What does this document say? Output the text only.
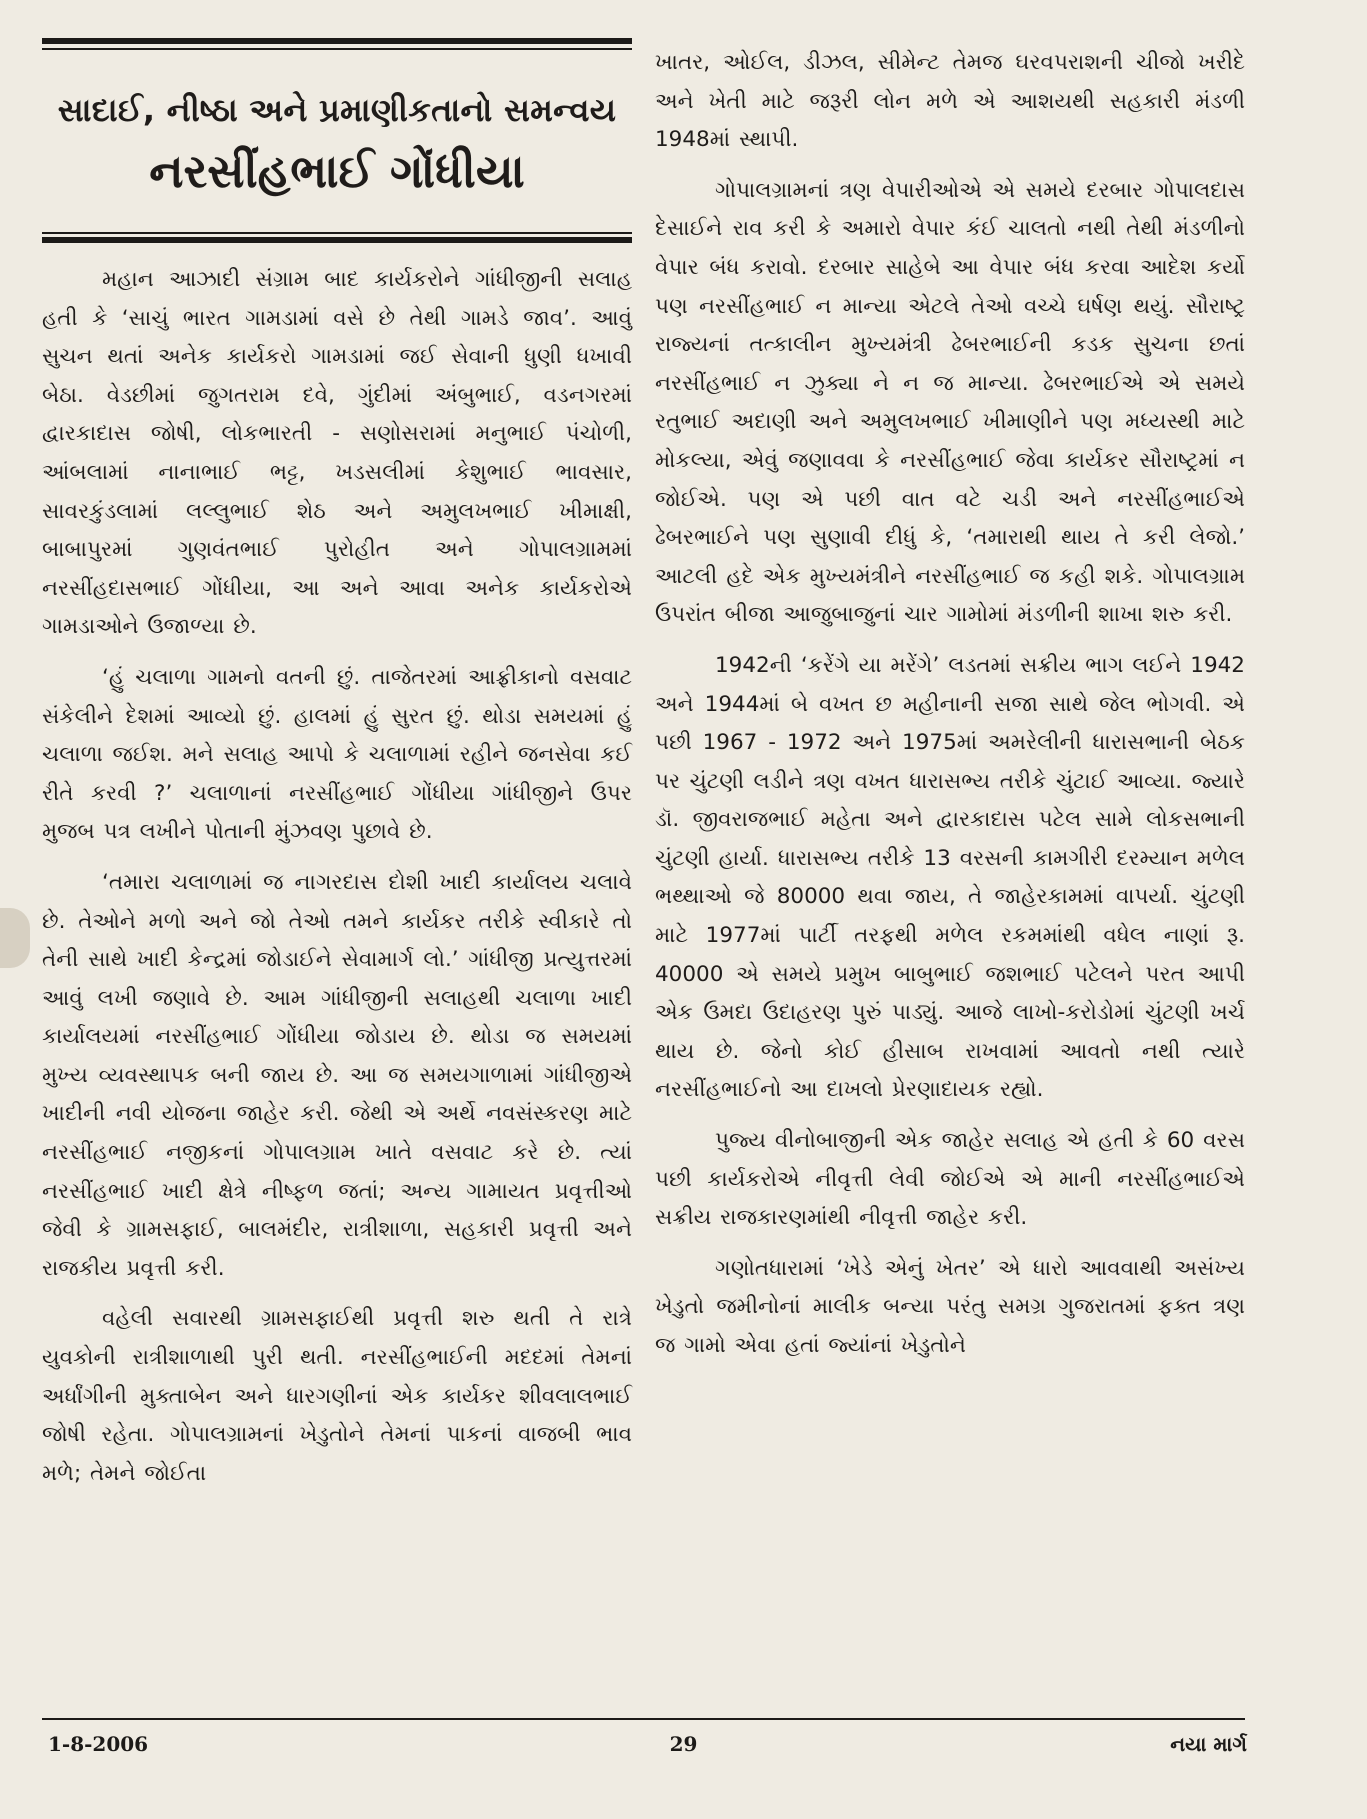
સાદાઈ, નીષ્ઠા અને પ્રમાણીકતાનો સમન્વય
નરસીંહભાઈ ગોંધીયા

મહાન આઝાદી સંગ્રામ બાદ કાર્યકરોને ગાંધીજીની સલાહ હતી કે ‘સાચું ભારત ગામડામાં વસે છે તેથી ગામડે જાવ’. આવું સુચન થતાં અનેક કાર્યકરો ગામડામાં જઈ સેવાની ધુણી ધખાવી બેઠા. વેડછીમાં જુગતરામ દવે, ગુંદીમાં અંબુભાઈ, વડનગરમાં દ્વારકાદાસ જોષી, લોકભારતી - સણોસરામાં મનુભાઈ પંચોળી, આંબલામાં નાનાભાઈ ભટ્ટ, ખડસલીમાં કેશુભાઈ ભાવસાર, સાવરકુંડલામાં લલ્લુભાઈ શેઠ અને અમુલખભાઈ ખીમાક્ષી, બાબાપુરમાં ગુણવંતભાઈ પુરોહીત અને ગોપાલગ્રામમાં નરસીંહદાસભાઈ ગોંધીયા, આ અને આવા અનેક કાર્યકરોએ ગામડાઓને ઉજાળ્યા છે.

‘હું ચલાળા ગામનો વતની છું. તાજેતરમાં આફ્રીકાનો વસવાટ સંકેલીને દેશમાં આવ્યો છું. હાલમાં હું સુરત છું. થોડા સમયમાં હું ચલાળા જઈશ. મને સલાહ આપો કે ચલાળામાં રહીને જનસેવા કઈ રીતે કરવી ?’ ચલાળાનાં નરસીંહભાઈ ગોંધીયા ગાંધીજીને ઉપર મુજબ પત્ર લખીને પોતાની મુંઝવણ પુછાવે છે.

‘તમારા ચલાળામાં જ નાગરદાસ દોશી ખાદી કાર્યાલય ચલાવે છે. તેઓને મળો અને જો તેઓ તમને કાર્યકર તરીકે સ્વીકારે તો તેની સાથે ખાદી કેન્દ્રમાં જોડાઈને સેવામાર્ગ લો.’ ગાંધીજી પ્રત્યુત્તરમાં આવું લખી જણાવે છે. આમ ગાંધીજીની સલાહથી ચલાળા ખાદી કાર્યાલયમાં નરસીંહભાઈ ગોંધીયા જોડાય છે. થોડા જ સમયમાં મુખ્ય વ્યવસ્થાપક બની જાય છે. આ જ સમયગાળામાં ગાંધીજીએ ખાદીની નવી યોજના જાહેર કરી. જેથી એ અર્થે નવસંસ્કરણ માટે નરસીંહભાઈ નજીકનાં ગોપાલગ્રામ ખાતે વસવાટ કરે છે. ત્યાં નરસીંહભાઈ ખાદી ક્ષેત્રે નીષ્ફળ જતાં; અન્ય ગામાયત પ્રવૃત્તીઓ જેવી કે ગ્રામસફાઈ, બાલમંદીર, રાત્રીશાળા, સહકારી પ્રવૃત્તી અને રાજકીય પ્રવૃત્તી કરી.

વહેલી સવારથી ગ્રામસફાઈથી પ્રવૃત્તી શરુ થતી તે રાત્રે યુવકોની રાત્રીશાળાથી પુરી થતી. નરસીંહભાઈની મદદમાં તેમનાં અર્ધાંગીની મુક્તાબેન અને ધારગણીનાં એક કાર્યકર શીવલાલભાઈ જોષી રહેતા. ગોપાલગ્રામનાં ખેડુતોને તેમનાં પાકનાં વાજબી ભાવ મળે; તેમને જોઈતા

ખાતર, ઓઈલ, ડીઝલ, સીમેન્ટ તેમજ ઘરવપરાશની ચીજો ખરીદે અને ખેતી માટે જરૂરી લોન મળે એ આશયથી સહકારી મંડળી 1948માં સ્થાપી.

ગોપાલગ્રામનાં ત્રણ વેપારીઓએ એ સમયે દરબાર ગોપાલદાસ દેસાઈને રાવ કરી કે અમારો વેપાર કંઈ ચાલતો નથી તેથી મંડળીનો વેપાર બંધ કરાવો. દરબાર સાહેબે આ વેપાર બંધ કરવા આદેશ કર્યો પણ નરસીંહભાઈ ન માન્યા એટલે તેઓ વચ્ચે ઘર્ષણ થયું. સૌરાષ્ટ્ર રાજ્યનાં તત્કાલીન મુખ્યમંત્રી ઢેબરભાઈની કડક સુચના છતાં નરસીંહભાઈ ન ઝુક્યા ને ન જ માન્યા. ઢેબરભાઈએ એ સમયે રતુભાઈ અદાણી અને અમુલખભાઈ ખીમાણીને પણ મધ્યસ્થી માટે મોકલ્યા, એવું જણાવવા કે નરસીંહભાઈ જેવા કાર્યકર સૌરાષ્ટ્રમાં ન જોઈએ. પણ એ પછી વાત વટે ચડી અને નરસીંહભાઈએ ઢેબરભાઈને પણ સુણાવી દીધું કે, ‘તમારાથી થાય તે કરી લેજો.’ આટલી હદે એક મુખ્યમંત્રીને નરસીંહભાઈ જ કહી શકે. ગોપાલગ્રામ ઉપરાંત બીજા આજુબાજુનાં ચાર ગામોમાં મંડળીની શાખા શરુ કરી.

1942ની ‘કરેંગે યા મરેંગે’ લડતમાં સક્રીય ભાગ લઈને 1942 અને 1944માં બે વખત છ મહીનાની સજા સાથે જેલ ભોગવી. એ પછી 1967 - 1972 અને 1975માં અમરેલીની ધારાસભાની બેઠક પર ચુંટણી લડીને ત્રણ વખત ધારાસભ્ય તરીકે ચુંટાઈ આવ્યા. જ્યારે ડૉ. જીવરાજભાઈ મહેતા અને દ્વારકાદાસ પટેલ સામે લોકસભાની ચુંટણી હાર્યા. ધારાસભ્ય તરીકે 13 વરસની કામગીરી દરમ્યાન મળેલ ભથ્થાઓ જે 80000 થવા જાય, તે જાહેરકામમાં વાપર્યા. ચુંટણી માટે 1977માં પાર્ટી તરફથી મળેલ રકમમાંથી વધેલ નાણાં રૂ. 40000 એ સમયે પ્રમુખ બાબુભાઈ જશભાઈ પટેલને પરત આપી એક ઉમદા ઉદાહરણ પુરું પાડ્યું. આજે લાખો-કરોડોમાં ચુંટણી ખર્ચ થાય છે. જેનો કોઈ હીસાબ રાખવામાં આવતો નથી ત્યારે નરસીંહભાઈનો આ દાખલો પ્રેરણાદાયક રહ્યો.

પુજ્ય વીનોબાજીની એક જાહેર સલાહ એ હતી કે 60 વરસ પછી કાર્યકરોએ નીવૃત્તી લેવી જોઈએ એ માની નરસીંહભાઈએ સક્રીય રાજકારણમાંથી નીવૃત્તી જાહેર કરી.

ગણોતધારામાં ‘ખેડે એનું ખેતર’ એ ધારો આવવાથી અસંખ્ય ખેડુતો જમીનોનાં માલીક બન્યા પરંતુ સમગ્ર ગુજરાતમાં ફક્ત ત્રણ જ ગામો એવા હતાં જ્યાંનાં ખેડુતોને

1-8-2006	29	નયા માર્ગ
